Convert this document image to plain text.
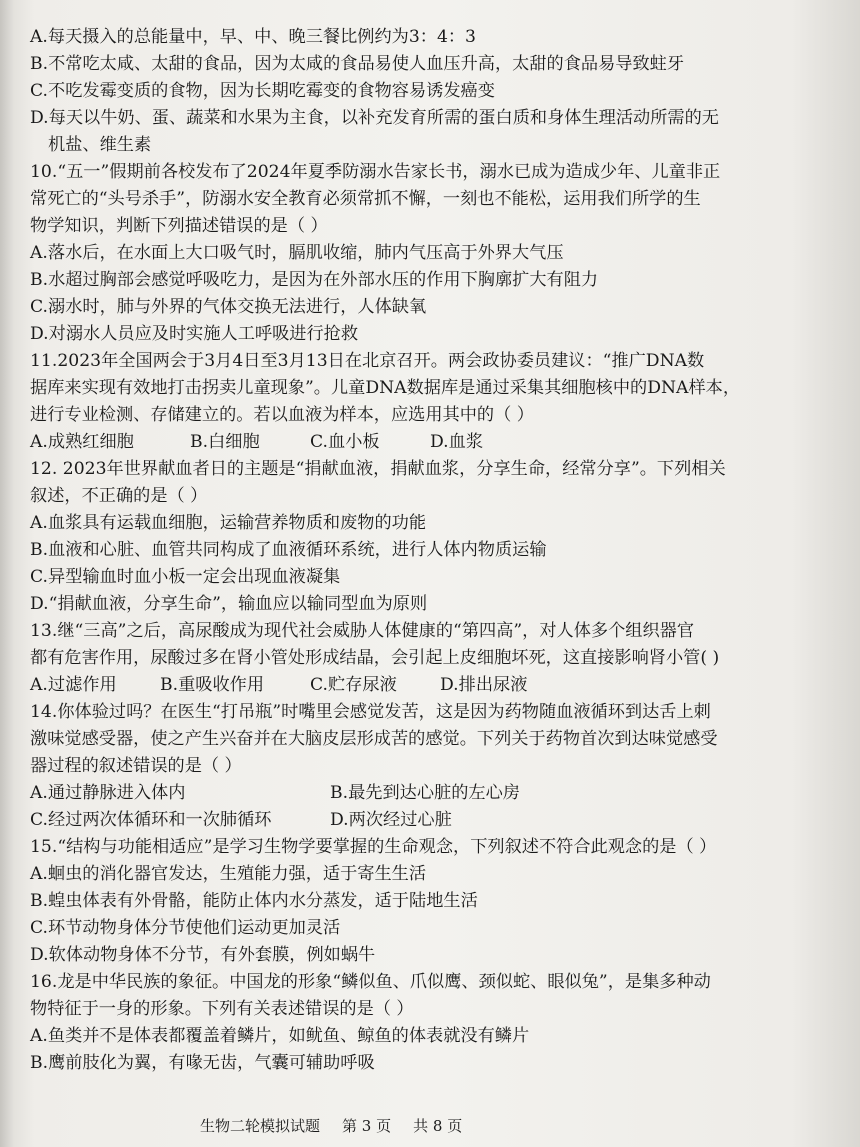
A.每天摄入的总能量中，早、中、晚三餐比例约为3：4：3
B.不常吃太咸、太甜的食品，因为太咸的食品易使人血压升高，太甜的食品易导致蛀牙
C.不吃发霉变质的食物，因为长期吃霉变的食物容易诱发癌变
D.每天以牛奶、蛋、蔬菜和水果为主食，以补充发育所需的蛋白质和身体生理活动所需的无
机盐、维生素
10.“五一”假期前各校发布了2024年夏季防溺水告家长书，溺水已成为造成少年、儿童非正
常死亡的“头号杀手”，防溺水安全教育必须常抓不懈，一刻也不能松，运用我们所学的生
物学知识，判断下列描述错误的是（ ）
A.落水后，在水面上大口吸气时，膈肌收缩，肺内气压高于外界大气压
B.水超过胸部会感觉呼吸吃力，是因为在外部水压的作用下胸廓扩大有阻力
C.溺水时，肺与外界的气体交换无法进行，人体缺氧
D.对溺水人员应及时实施人工呼吸进行抢救
11.2023年全国两会于3月4日至3月13日在北京召开。两会政协委员建议：“推广DNA数
据库来实现有效地打击拐卖儿童现象”。儿童DNA数据库是通过采集其细胞核中的DNA样本，
进行专业检测、存储建立的。若以血液为样本，应选用其中的（ ）
A.成熟红细胞	B.白细胞	C.血小板	D.血浆
12. 2023年世界献血者日的主题是“捐献血液，捐献血浆，分享生命，经常分享”。下列相关
叙述，不正确的是（ ）
A.血浆具有运载血细胞，运输营养物质和废物的功能
B.血液和心脏、血管共同构成了血液循环系统，进行人体内物质运输
C.异型输血时血小板一定会出现血液凝集
D.“捐献血液，分享生命”，输血应以输同型血为原则
13.继“三高”之后，高尿酸成为现代社会威胁人体健康的“第四高”，对人体多个组织器官
都有危害作用，尿酸过多在肾小管处形成结晶，会引起上皮细胞坏死，这直接影响肾小管( )
A.过滤作用	B.重吸收作用	C.贮存尿液	D.排出尿液
14.你体验过吗？在医生“打吊瓶”时嘴里会感觉发苦，这是因为药物随血液循环到达舌上刺
激味觉感受器，使之产生兴奋并在大脑皮层形成苦的感觉。下列关于药物首次到达味觉感受
器过程的叙述错误的是（ ）
A.通过静脉进入体内	B.最先到达心脏的左心房
C.经过两次体循环和一次肺循环	D.两次经过心脏
15.“结构与功能相适应”是学习生物学要掌握的生命观念，下列叙述不符合此观念的是（ ）
A.蛔虫的消化器官发达，生殖能力强，适于寄生生活
B.蝗虫体表有外骨骼，能防止体内水分蒸发，适于陆地生活
C.环节动物身体分节使他们运动更加灵活
D.软体动物身体不分节，有外套膜，例如蜗牛
16.龙是中华民族的象征。中国龙的形象“鳞似鱼、爪似鹰、颈似蛇、眼似兔”，是集多种动
物特征于一身的形象。下列有关表述错误的是（ ）
A.鱼类并不是体表都覆盖着鳞片，如鱿鱼、鲸鱼的体表就没有鳞片
B.鹰前肢化为翼，有喙无齿，气囊可辅助呼吸
生物二轮模拟试题 第 3 页 共 8 页
